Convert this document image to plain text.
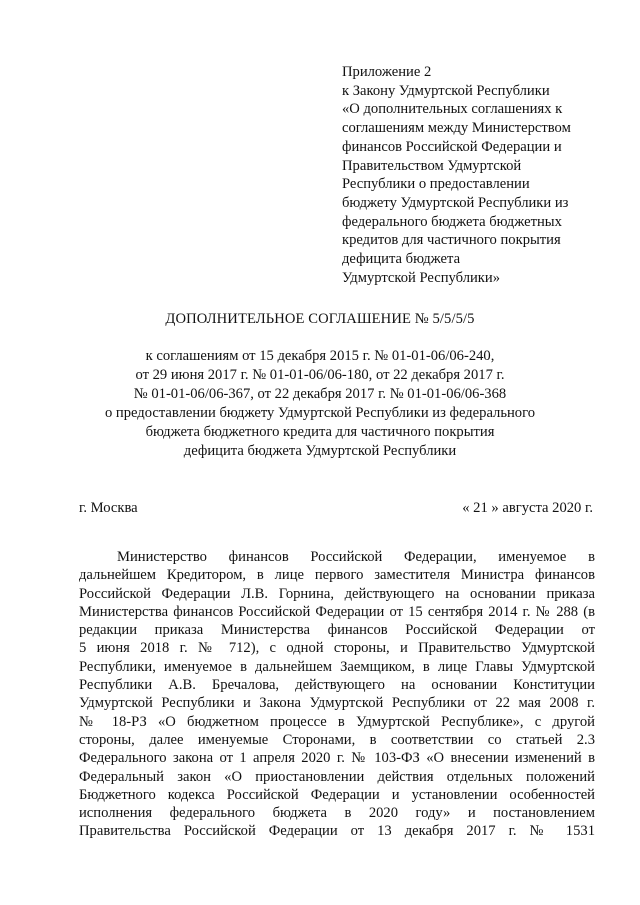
Приложение 2
к Закону Удмуртской Республики
«О дополнительных соглашениях к
соглашениям между Министерством
финансов Российской Федерации и
Правительством Удмуртской
Республики о предоставлении
бюджету Удмуртской Республики из
федерального бюджета бюджетных
кредитов для частичного покрытия
дефицита бюджета
Удмуртской Республики»
ДОПОЛНИТЕЛЬНОЕ СОГЛАШЕНИЕ № 5/5/5/5
к соглашениям от 15 декабря 2015 г. № 01-01-06/06-240,
от 29 июня 2017 г. № 01-01-06/06-180, от 22 декабря 2017 г.
№ 01-01-06/06-367, от 22 декабря 2017 г. № 01-01-06/06-368
о предоставлении бюджету Удмуртской Республики из федерального
бюджета бюджетного кредита для частичного покрытия
дефицита бюджета Удмуртской Республики
г. Москва	« 21 » августа 2020 г.
Министерство финансов Российской Федерации, именуемое в
дальнейшем Кредитором, в лице первого заместителя Министра финансов
Российской Федерации Л.В. Горнина, действующего на основании приказа
Министерства финансов Российской Федерации от 15 сентября 2014 г. № 288 (в
редакции приказа Министерства финансов Российской Федерации от
5 июня 2018 г. № 712), с одной стороны, и Правительство Удмуртской
Республики, именуемое в дальнейшем Заемщиком, в лице Главы Удмуртской
Республики А.В. Бречалова, действующего на основании Конституции
Удмуртской Республики и Закона Удмуртской Республики от 22 мая 2008 г.
№ 18-РЗ «О бюджетном процессе в Удмуртской Республике», с другой
стороны, далее именуемые Сторонами, в соответствии со статьей 2.3
Федерального закона от 1 апреля 2020 г. № 103-ФЗ «О внесении изменений в
Федеральный закон «О приостановлении действия отдельных положений
Бюджетного кодекса Российской Федерации и установлении особенностей
исполнения федерального бюджета в 2020 году» и постановлением
Правительства Российской Федерации от 13 декабря 2017 г. № 1531
